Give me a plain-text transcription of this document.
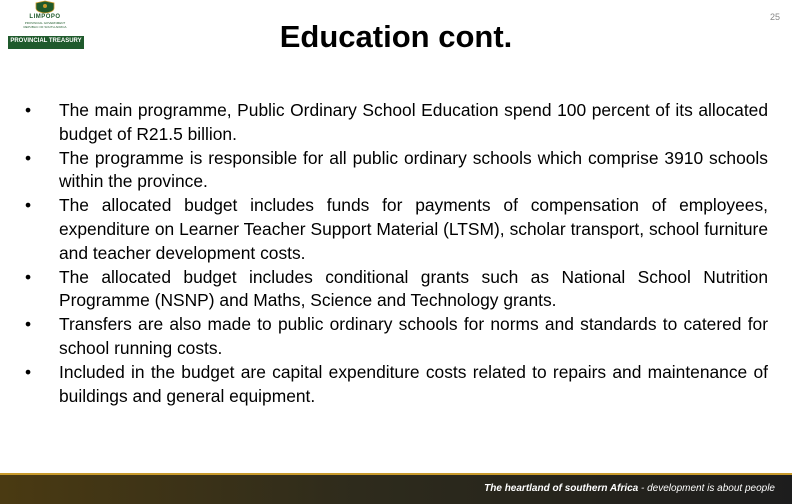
LIMPOPO
PROVINCIAL GOVERNMENT
REPUBLIC OF SOUTH AFRICA
PROVINCIAL TREASURY	Education cont.
25
• The main programme, Public Ordinary School Education spend 100 percent of its allocated budget of R21.5 billion.
• The programme is responsible for all public ordinary schools which comprise 3910 schools within the province.
• The allocated budget includes funds for payments of compensation of employees, expenditure on Learner Teacher Support Material (LTSM), scholar transport, school furniture and teacher development costs.
• The allocated budget includes conditional grants such as National School Nutrition Programme (NSNP) and Maths, Science and Technology grants.
• Transfers are also made to public ordinary schools for norms and standards to catered for school running costs.
• Included in the budget are capital expenditure costs related to repairs and maintenance of buildings and general equipment.
The heartland of southern Africa - development is about people
